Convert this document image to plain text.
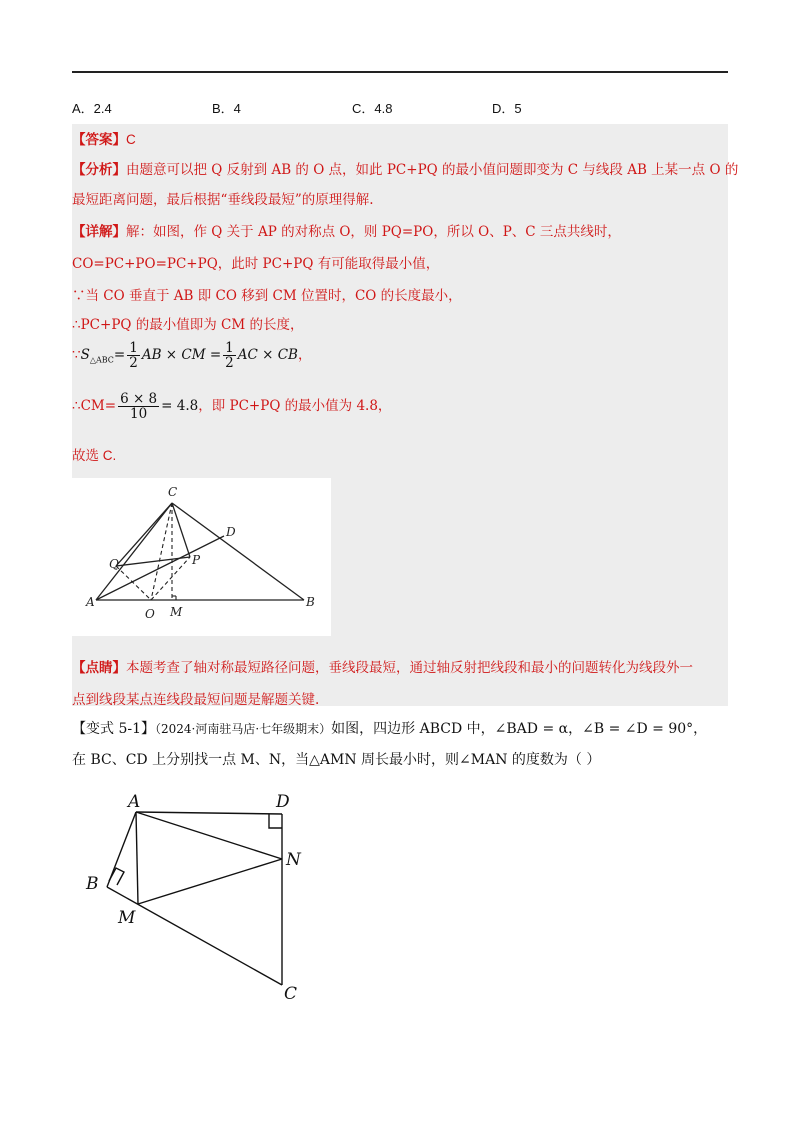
A．2.4	B．4	C．4.8	D．5
【答案】C
【分析】由题意可以把 Q 反射到 AB 的 O 点，如此 PC+PQ 的最小值问题即变为 C 与线段 AB 上某一点 O 的
最短距离问题，最后根据“垂线段最短”的原理得解.
【详解】解：如图，作 Q 关于 AP 的对称点 O，则 PQ=PO，所以 O、P、C 三点共线时，
CO=PC+PO=PC+PQ，此时 PC+PQ 有可能取得最小值，
∵当 CO 垂直于 AB 即 CO 移到 CM 位置时，CO 的长度最小，
∴PC+PQ 的最小值即为 CM 的长度，
$\because S_{\triangle ABC}= \frac{1}{2}$ AB × CM = $\frac{1}{2}$ AC × CB，
∴CM= $\frac{6 \times 8}{10} = 4.8$，即 PC+PQ 的最小值为 4.8，
故选 C.
C
D
Q	P
A
O M
B
【点睛】本题考查了轴对称最短路径问题，垂线段最短，通过轴反射把线段和最小的问题转化为线段外一
点到线段某点连线段最短问题是解题关键.
【变式 5-1】（2024·河南驻马店·七年级期末）如图，四边形 ABCD 中，∠BAD = α，∠B = ∠D = 90°，
在 BC、CD 上分别找一点 M、N，当△AMN 周长最小时，则∠MAN 的度数为（ ）
A	D
N
B
M
C
